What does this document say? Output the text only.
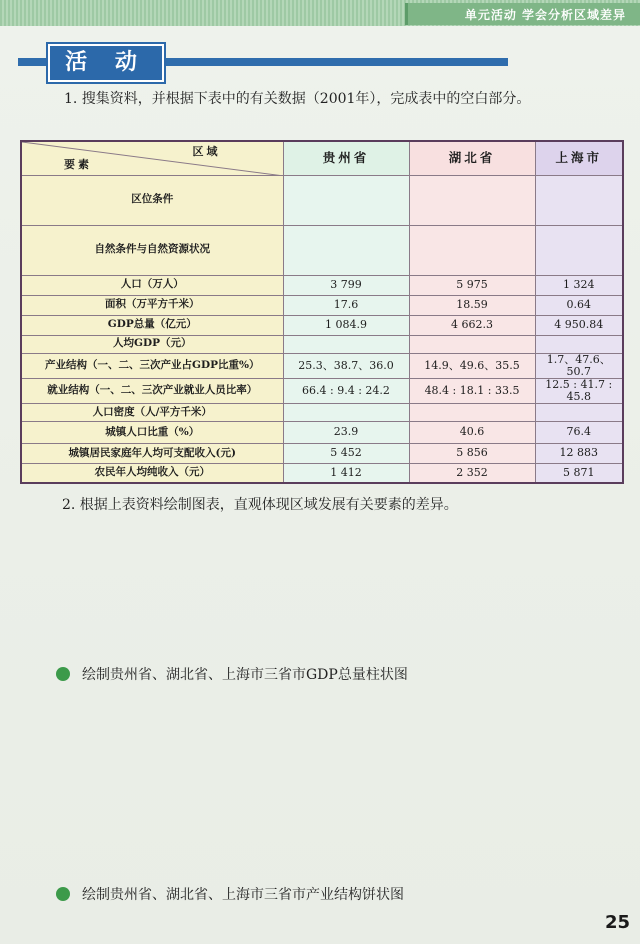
单元活动 学会分析区域差异
活 动
1. 搜集资料，并根据下表中的有关数据（2001年），完成表中的空白部分。
区域
要素	贵州省	湖北省	上海市
区位条件			
自然条件与自然资源状况			
人口（万人）	3 799	5 975	1 324
面积（万平方千米）	17.6	18.59	0.64
GDP总量（亿元）	1 084.9	4 662.3	4 950.84
人均GDP（元）			
产业结构（一、二、三次产业占GDP比重%）	25.3、38.7、36.0	14.9、49.6、35.5	1.7、47.6、50.7
就业结构（一、二、三次产业就业人员比率）	66.4 : 9.4 : 24.2	48.4 : 18.1 : 33.5	12.5 : 41.7 : 45.8
人口密度（人/平方千米）			
城镇人口比重（%）	23.9	40.6	76.4
城镇居民家庭年人均可支配收入(元)	5 452	5 856	12 883
农民年人均纯收入（元）	1 412	2 352	5 871
2. 根据上表资料绘制图表，直观体现区域发展有关要素的差异。
绘制贵州省、湖北省、上海市三省市GDP总量柱状图
绘制贵州省、湖北省、上海市三省市产业结构饼状图
25
